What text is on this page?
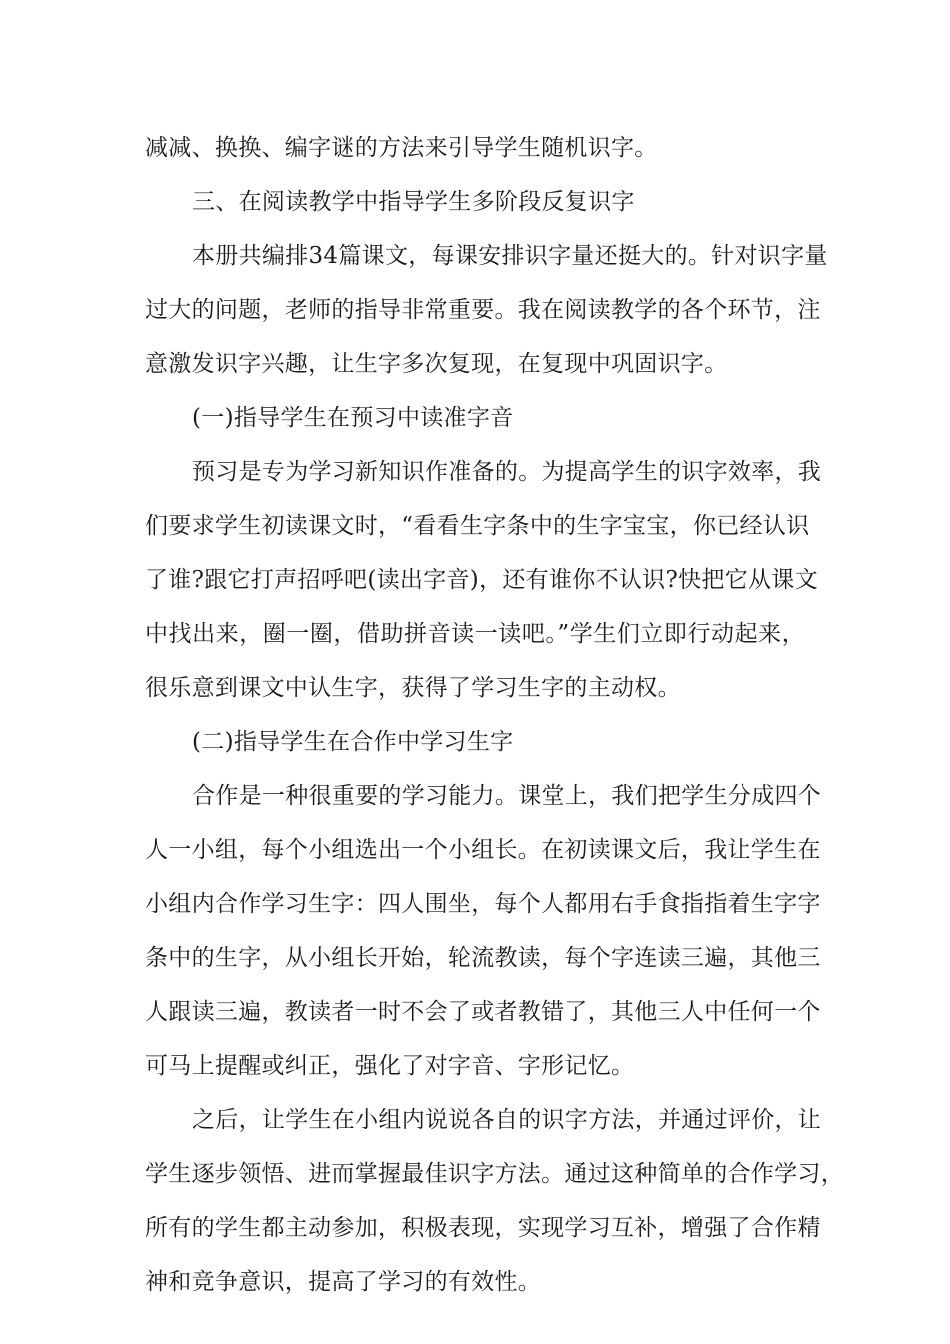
减减、换换、编字谜的方法来引导学生随机识字。
三、在阅读教学中指导学生多阶段反复识字
本册共编排34篇课文，每课安排识字量还挺大的。针对识字量
过大的问题，老师的指导非常重要。我在阅读教学的各个环节，注
意激发识字兴趣，让生字多次复现，在复现中巩固识字。
(一)指导学生在预习中读准字音
预习是专为学习新知识作准备的。为提高学生的识字效率，我
们要求学生初读课文时，“看看生字条中的生字宝宝，你已经认识
了谁?跟它打声招呼吧(读出字音)，还有谁你不认识?快把它从课文
中找出来，圈一圈，借助拼音读一读吧。”学生们立即行动起来，
很乐意到课文中认生字，获得了学习生字的主动权。
(二)指导学生在合作中学习生字
合作是一种很重要的学习能力。课堂上，我们把学生分成四个
人一小组，每个小组选出一个小组长。在初读课文后，我让学生在
小组内合作学习生字：四人围坐，每个人都用右手食指指着生字字
条中的生字，从小组长开始，轮流教读，每个字连读三遍，其他三
人跟读三遍，教读者一时不会了或者教错了，其他三人中任何一个
可马上提醒或纠正，强化了对字音、字形记忆。
之后，让学生在小组内说说各自的识字方法，并通过评价，让
学生逐步领悟、进而掌握最佳识字方法。通过这种简单的合作学习，
所有的学生都主动参加，积极表现，实现学习互补，增强了合作精
神和竞争意识，提高了学习的有效性。
